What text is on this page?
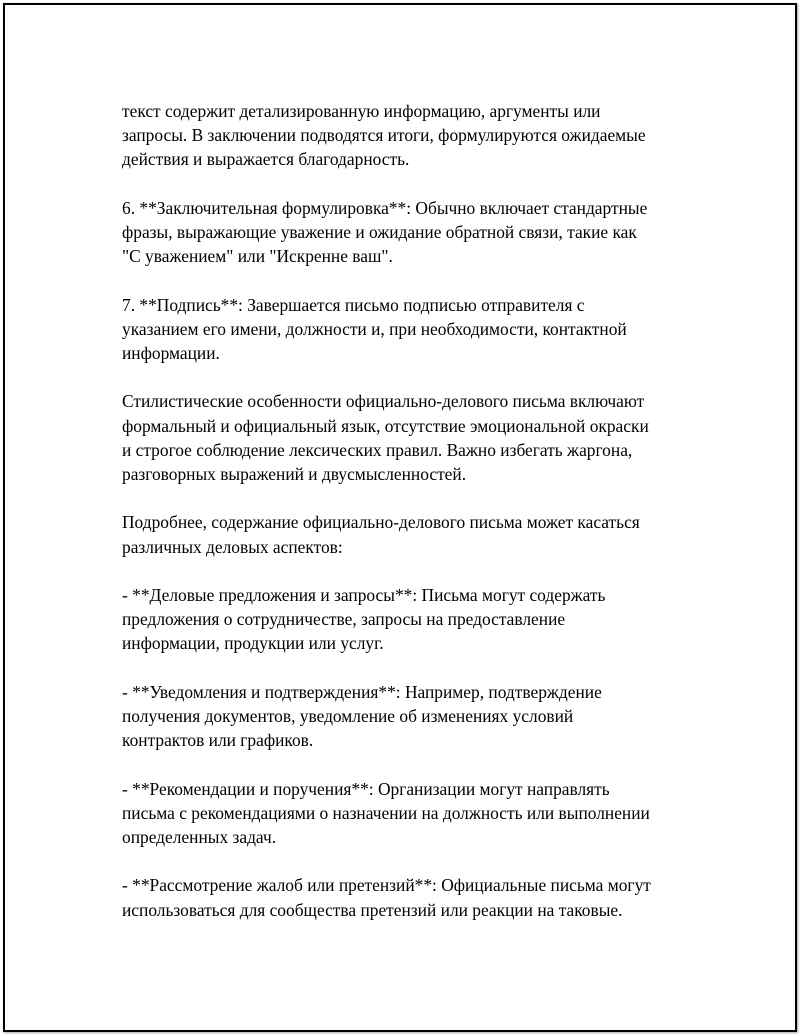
текст содержит детализированную информацию, аргументы или
запросы. В заключении подводятся итоги, формулируются ожидаемые
действия и выражается благодарность.

6. **Заключительная формулировка**: Обычно включает стандартные
фразы, выражающие уважение и ожидание обратной связи, такие как
"С уважением" или "Искренне ваш".

7. **Подпись**: Завершается письмо подписью отправителя с
указанием его имени, должности и, при необходимости, контактной
информации.

Стилистические особенности официально-делового письма включают
формальный и официальный язык, отсутствие эмоциональной окраски
и строгое соблюдение лексических правил. Важно избегать жаргона,
разговорных выражений и двусмысленностей.

Подробнее, содержание официально-делового письма может касаться
различных деловых аспектов:

- **Деловые предложения и запросы**: Письма могут содержать
предложения о сотрудничестве, запросы на предоставление
информации, продукции или услуг.

- **Уведомления и подтверждения**: Например, подтверждение
получения документов, уведомление об изменениях условий
контрактов или графиков.

- **Рекомендации и поручения**: Организации могут направлять
письма с рекомендациями о назначении на должность или выполнении
определенных задач.

- **Рассмотрение жалоб или претензий**: Официальные письма могут
использоваться для сообщества претензий или реакции на таковые.
